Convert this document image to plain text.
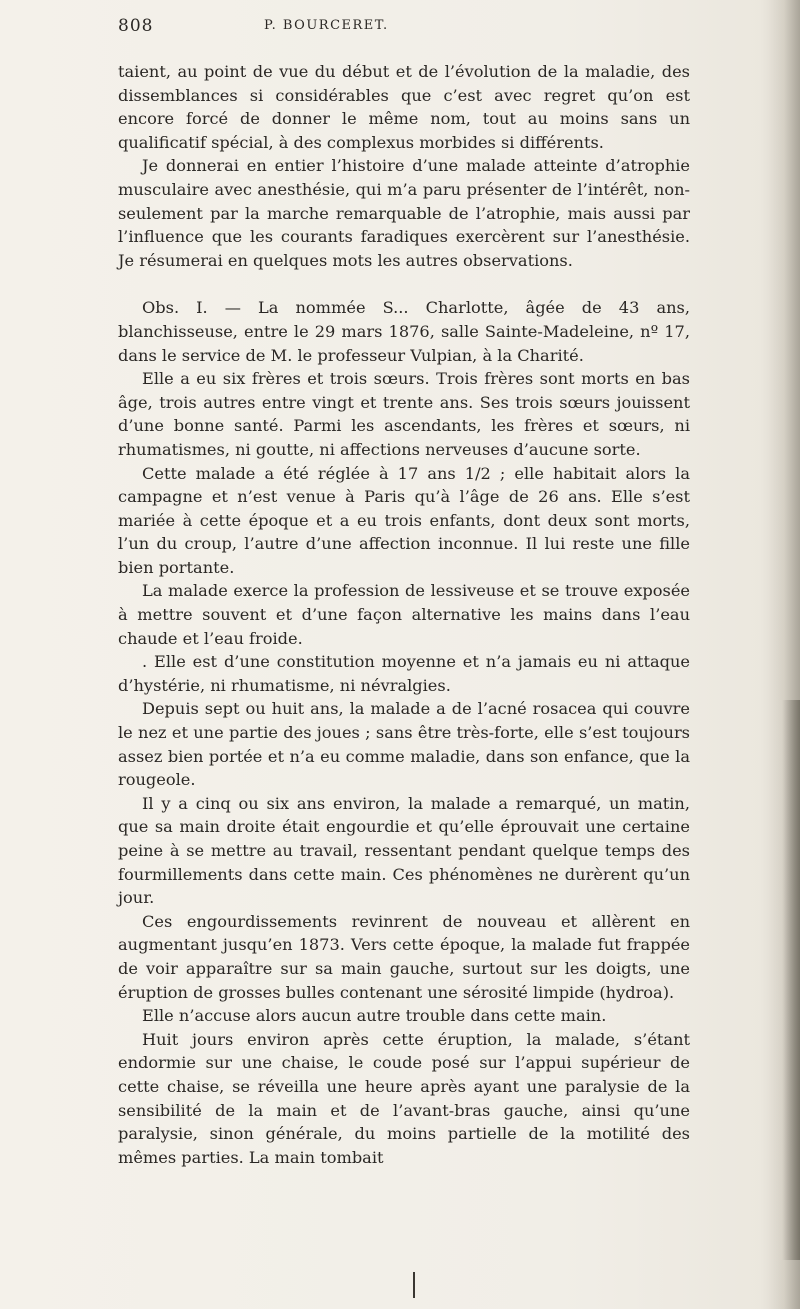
808	P. BOURCERET.

taient, au point de vue du début et de l’évolution de la maladie, des dissemblances si considérables que c’est avec regret qu’on est encore forcé de donner le même nom, tout au moins sans un qualificatif spécial, à des complexus morbides si différents.

Je donnerai en entier l’histoire d’une malade atteinte d’atrophie musculaire avec anesthésie, qui m’a paru présenter de l’intérêt, non-seulement par la marche remarquable de l’atrophie, mais aussi par l’influence que les courants faradiques exercèrent sur l’anesthésie. Je résumerai en quelques mots les autres observations.

Obs. I. — La nommée S... Charlotte, âgée de 43 ans, blanchisseuse, entre le 29 mars 1876, salle Sainte-Madeleine, nº 17, dans le service de M. le professeur Vulpian, à la Charité.

Elle a eu six frères et trois sœurs. Trois frères sont morts en bas âge, trois autres entre vingt et trente ans. Ses trois sœurs jouissent d’une bonne santé. Parmi les ascendants, les frères et sœurs, ni rhumatismes, ni goutte, ni affections nerveuses d’aucune sorte.

Cette malade a été réglée à 17 ans 1/2 ; elle habitait alors la campagne et n’est venue à Paris qu’à l’âge de 26 ans. Elle s’est mariée à cette époque et a eu trois enfants, dont deux sont morts, l’un du croup, l’autre d’une affection inconnue. Il lui reste une fille bien portante.

La malade exerce la profession de lessiveuse et se trouve exposée à mettre souvent et d’une façon alternative les mains dans l’eau chaude et l’eau froide.

. Elle est d’une constitution moyenne et n’a jamais eu ni attaque d’hystérie, ni rhumatisme, ni névralgies.

Depuis sept ou huit ans, la malade a de l’acné rosacea qui couvre le nez et une partie des joues ; sans être très-forte, elle s’est toujours assez bien portée et n’a eu comme maladie, dans son enfance, que la rougeole.

Il y a cinq ou six ans environ, la malade a remarqué, un matin, que sa main droite était engourdie et qu’elle éprouvait une certaine peine à se mettre au travail, ressentant pendant quelque temps des fourmillements dans cette main. Ces phénomènes ne durèrent qu’un jour.

Ces engourdissements revinrent de nouveau et allèrent en augmentant jusqu’en 1873. Vers cette époque, la malade fut frappée de voir apparaître sur sa main gauche, surtout sur les doigts, une éruption de grosses bulles contenant une sérosité limpide (hydroa).

Elle n’accuse alors aucun autre trouble dans cette main.

Huit jours environ après cette éruption, la malade, s’étant endormie sur une chaise, le coude posé sur l’appui supérieur de cette chaise, se réveilla une heure après ayant une paralysie de la sensibilité de la main et de l’avant-bras gauche, ainsi qu’une paralysie, sinon générale, du moins partielle de la motilité des mêmes parties. La main tombait
